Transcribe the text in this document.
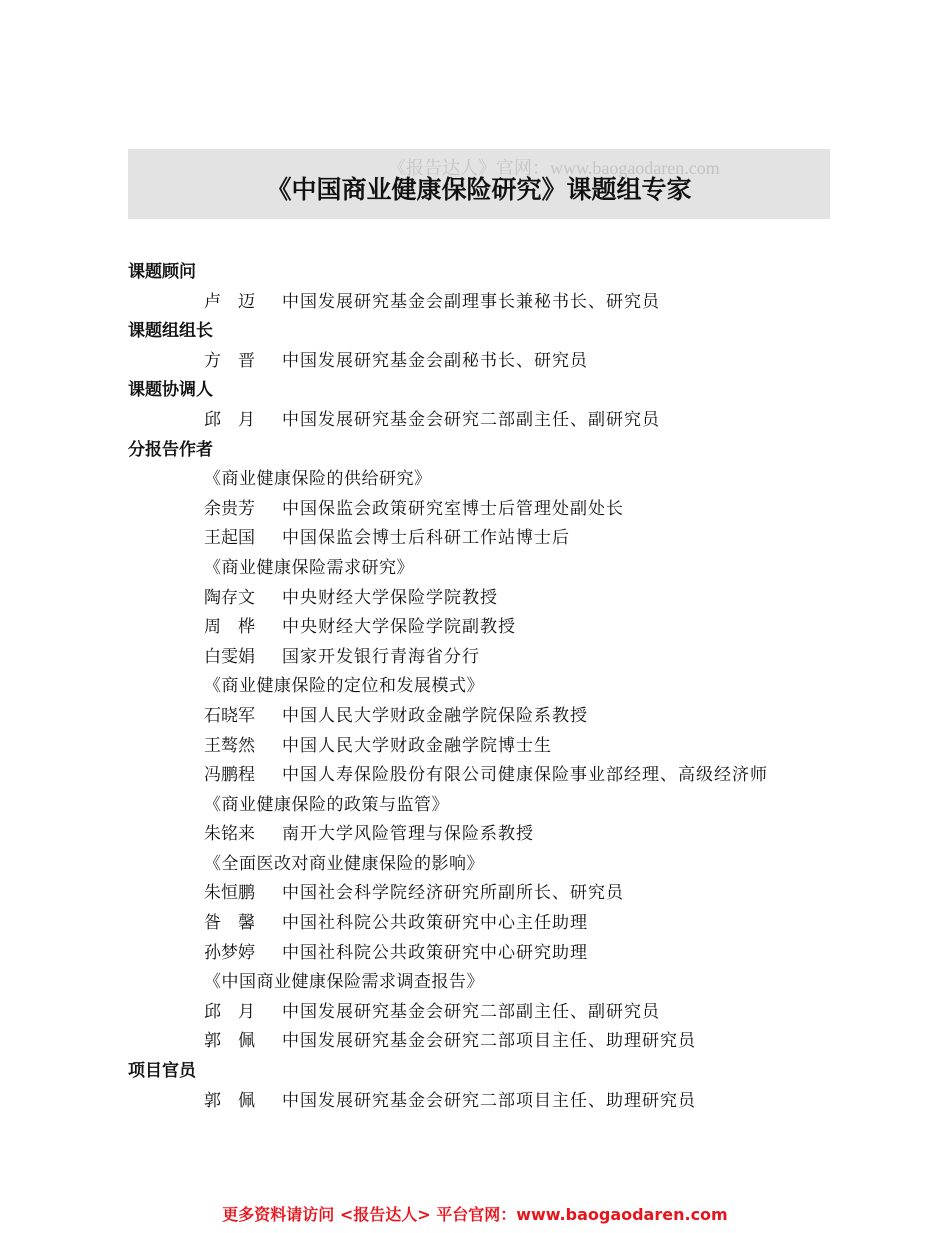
《报告达人》官网：www.baogaodaren.com
《中国商业健康保险研究》课题组专家
课题顾问
卢　迈	中国发展研究基金会副理事长兼秘书长、研究员
课题组组长
方　晋	中国发展研究基金会副秘书长、研究员
课题协调人
邱　月	中国发展研究基金会研究二部副主任、副研究员
分报告作者
《商业健康保险的供给研究》
余贵芳	中国保监会政策研究室博士后管理处副处长
王起国	中国保监会博士后科研工作站博士后
《商业健康保险需求研究》
陶存文	中央财经大学保险学院教授
周　桦	中央财经大学保险学院副教授
白雯娟	国家开发银行青海省分行
《商业健康保险的定位和发展模式》
石晓军	中国人民大学财政金融学院保险系教授
王骜然	中国人民大学财政金融学院博士生
冯鹏程	中国人寿保险股份有限公司健康保险事业部经理、高级经济师
《商业健康保险的政策与监管》
朱铭来	南开大学风险管理与保险系教授
《全面医改对商业健康保险的影响》
朱恒鹏	中国社会科学院经济研究所副所长、研究员
昝　馨	中国社科院公共政策研究中心主任助理
孙梦婷	中国社科院公共政策研究中心研究助理
《中国商业健康保险需求调查报告》
邱　月	中国发展研究基金会研究二部副主任、副研究员
郭　佩	中国发展研究基金会研究二部项目主任、助理研究员
项目官员
郭　佩	中国发展研究基金会研究二部项目主任、助理研究员
更多资料请访问 <报告达人> 平台官网：www.baogaodaren.com
